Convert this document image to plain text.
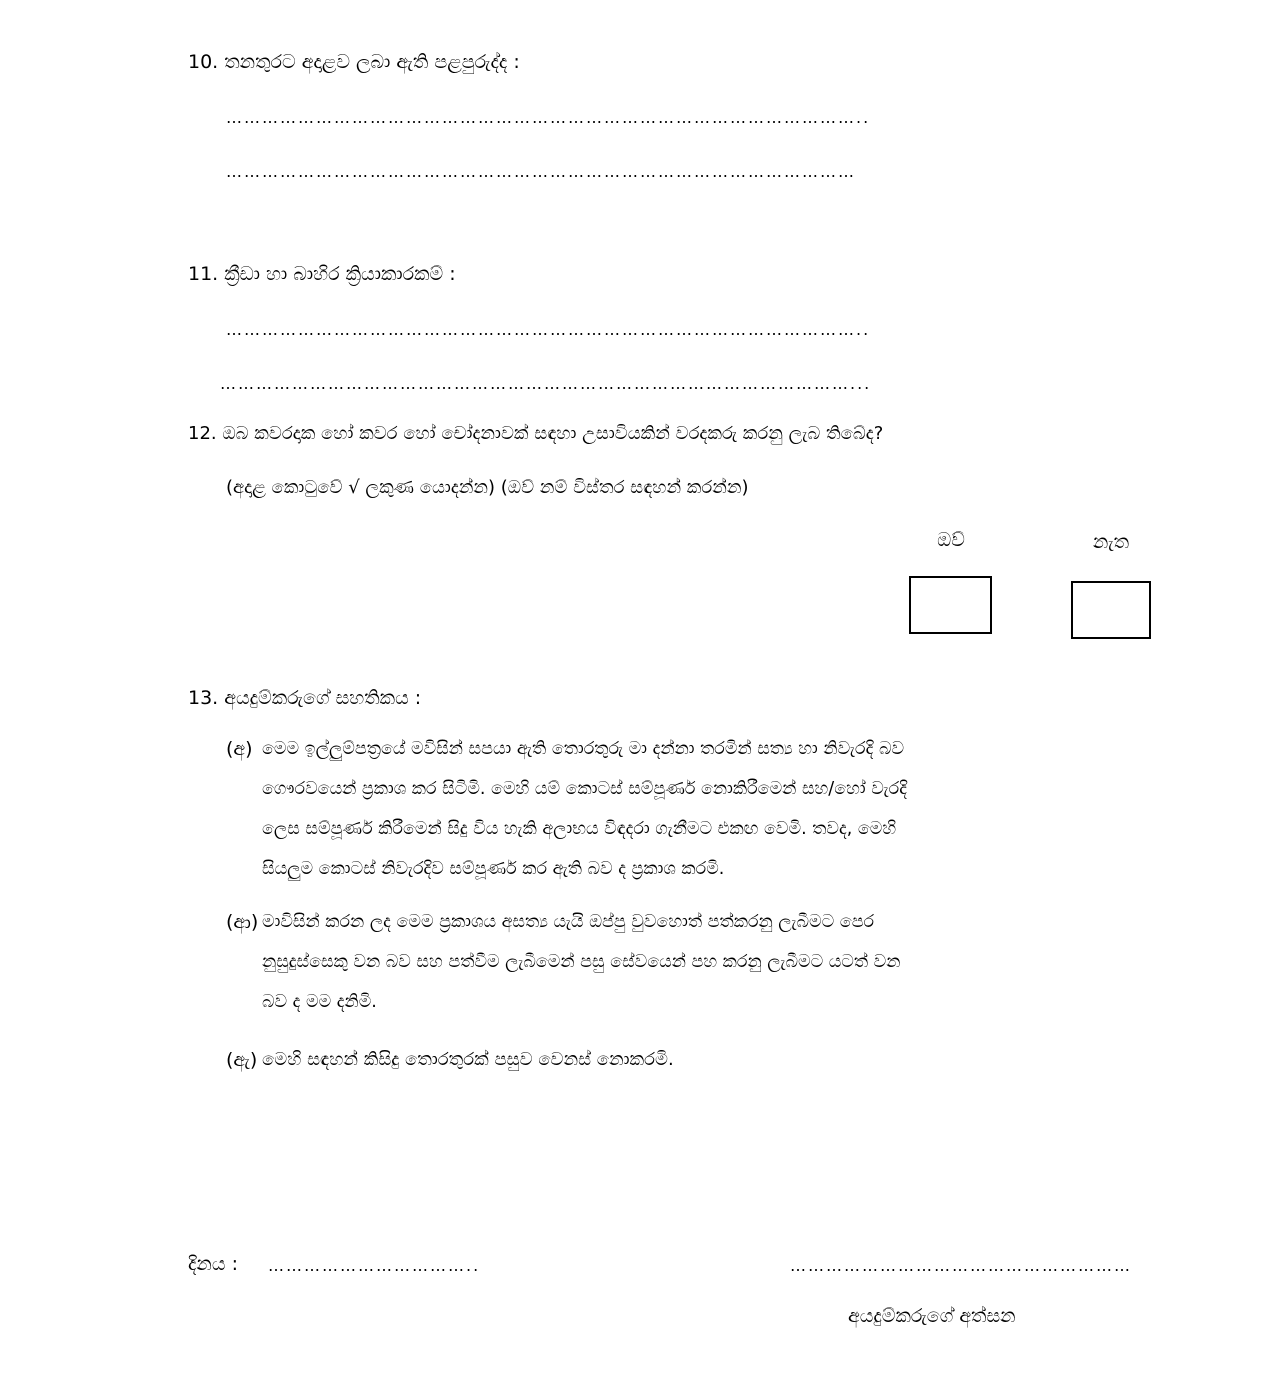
10. තනතුරට අදාළව ලබා ඇති පළපුරුද්ද :
……………………………………………………………………………………………..
……………………………………………………………………………………………
11. ක්‍රීඩා හා බාහිර ක්‍රියාකාරකම් :
……………………………………………………………………………………………..
……………………………………………………………………………………………...
12. ඔබ කවරදාක හෝ කවර හෝ චෝදනාවක් සඳහා උසාවියකින් වරදකරු කරනු ලැබ තිබේද?
(අදාළ කොටුවේ √ ලකුණ යොදන්න) (ඔව් නම් විස්තර සඳහන් කරන්න)
ඔව්	නැත
13. අයදුම්කරුගේ සහතිකය :
(අ) මෙම ඉල්ලුම්පත්‍රයේ මවිසින් සපයා ඇති තොරතුරු මා දන්නා තරමින් සත්‍ය හා නිවැරදි බව
ගෞරවයෙන් ප්‍රකාශ කර සිටිමි. මෙහි යම් කොටස් සම්පූර්ණ නොකිරීමෙන් සහ/හෝ වැරදි
ලෙස සම්පූර්ණ කිරීමෙන් සිදු විය හැකි අලාභය විඳදරා ගැනීමට එකඟ වෙමි. තවද, මෙහි
සියලුම කොටස් නිවැරදිව සම්පූර්ණ කර ඇති බව ද ප්‍රකාශ කරමි.
(ආ) මාවිසින් කරන ලද මෙම ප්‍රකාශය අසත්‍ය යැයි ඔප්පු වුවහොත් පත්කරනු ලැබීමට පෙර
නුසුදුස්සෙකු වන බව සහ පත්වීම ලැබීමෙන් පසු සේවයෙන් පහ කරනු ලැබීමට යටත් වන
බව ද මම දනිමි.
(ඇ) මෙහි සඳහන් කිසිදු තොරතුරක් පසුව වෙනස් නොකරමි.
දිනය : ……………………………..	…………………………………………………
අයදුම්කරුගේ අත්සන
